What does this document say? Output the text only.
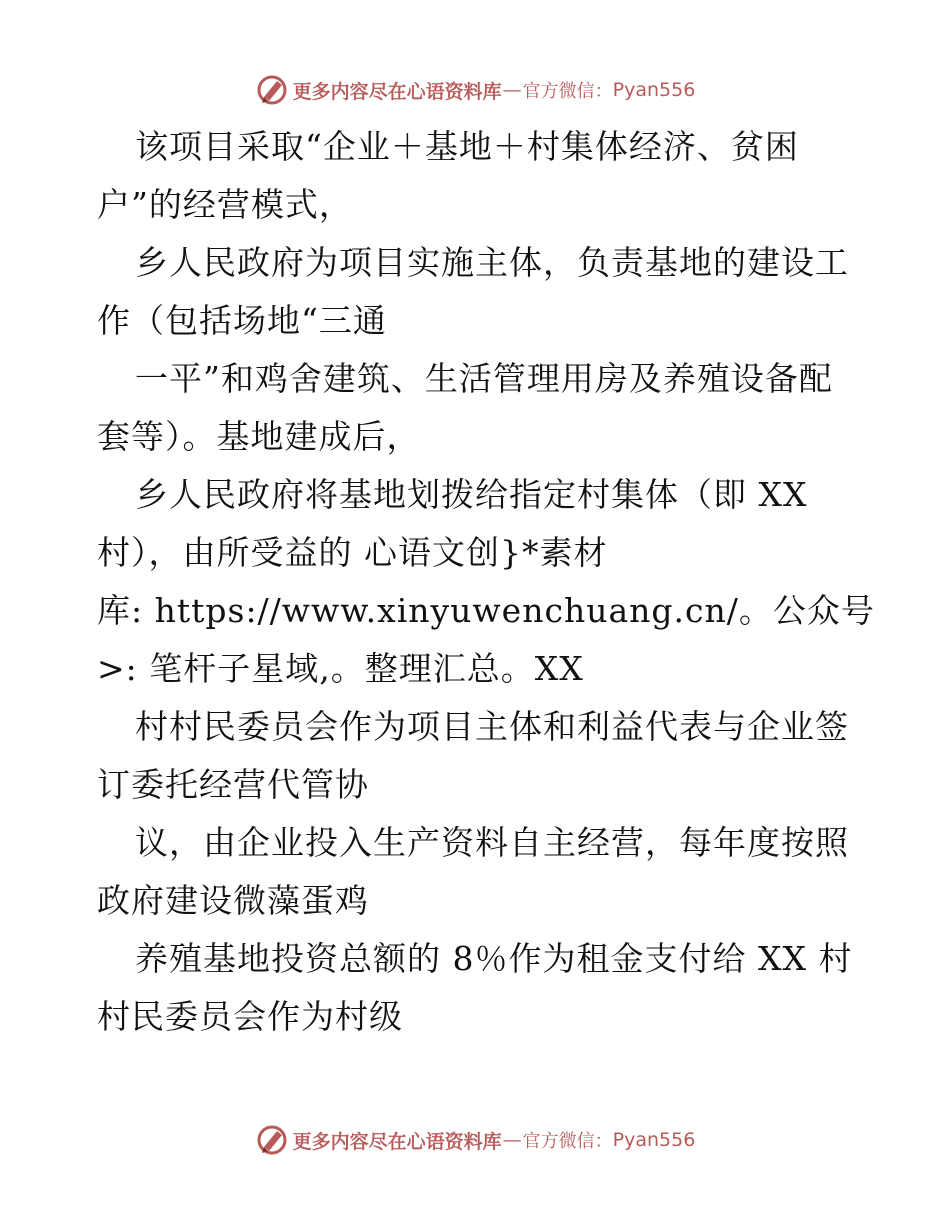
更多内容尽在心语资料库 — 官方微信： Pyan556
该项目采取“企业＋基地＋村集体经济、贫困
户”的经营模式，
乡人民政府为项目实施主体，负责基地的建设工
作（包括场地“三通
一平”和鸡舍建筑、生活管理用房及养殖设备配
套等）。基地建成后，
乡人民政府将基地划拨给指定村集体（即 XX
村），由所受益的 心语文创}*素材
库: https://www.xinyuwenchuang.cn/。公众号
>: 笔杆子星域,。整理汇总。XX
村村民委员会作为项目主体和利益代表与企业签
订委托经营代管协
议，由企业投入生产资料自主经营，每年度按照
政府建设微藻蛋鸡
养殖基地投资总额的 8％作为租金支付给 XX 村
村民委员会作为村级
更多内容尽在心语资料库 — 官方微信： Pyan556
